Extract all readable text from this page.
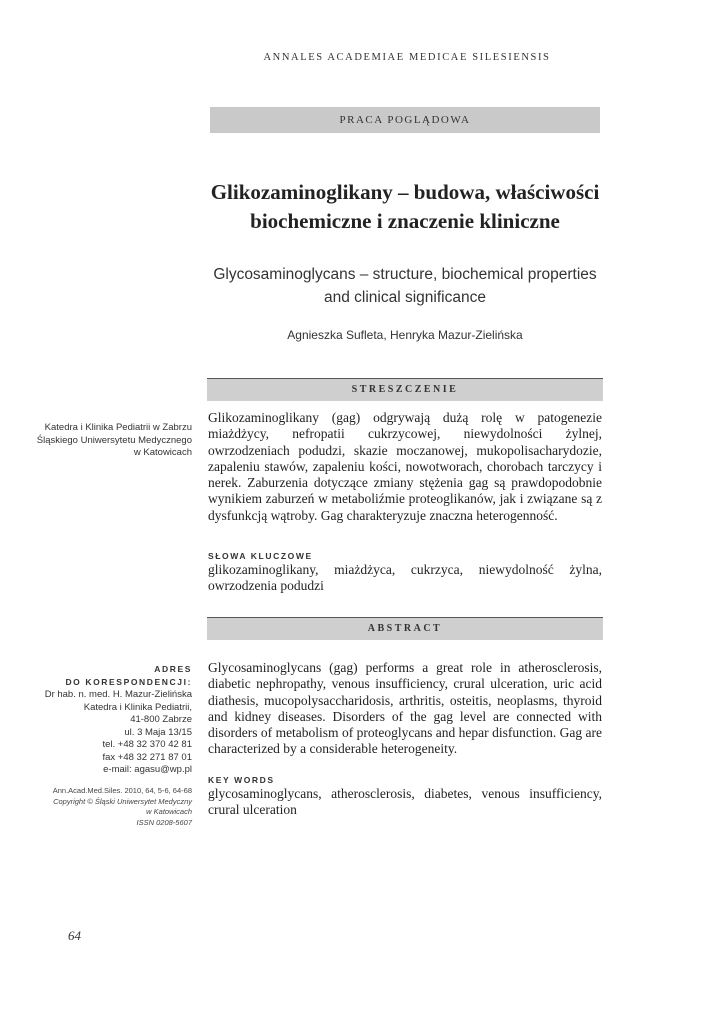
ANNALES ACADEMIAE MEDICAE SILESIENSIS
PRACA POGLĄDOWA
Glikozaminoglikany – budowa, właściwości
biochemiczne i znaczenie kliniczne
Glycosaminoglycans – structure, biochemical properties
and clinical significance
Agnieszka Sufleta, Henryka Mazur-Zielińska
STRESZCZENIE
Katedra i Klinika Pediatrii w Zabrzu
Śląskiego Uniwersytetu Medycznego
w Katowicach
Glikozaminoglikany (gag) odgrywają dużą rolę w patogenezie miażdżycy, nefropatii cukrzycowej, niewydolności żylnej, owrzodzeniach podudzi, skazie moczanowej, mukopolisacharydozie, zapaleniu stawów, zapaleniu kości, nowotworach, chorobach tarczycy i nerek. Zaburzenia dotyczące zmiany stężenia gag są prawdopodobnie wynikiem zaburzeń w metaboliźmie proteoglikanów, jak i związane są z dysfunkcją wątroby. Gag charakteryzuje znaczna heterogenność.
SŁOWA KLUCZOWE
glikozaminoglikany, miażdżyca, cukrzyca, niewydolność żylna, owrzodzenia podudzi
ABSTRACT
ADRES
DO KORESPONDENCJI:
Dr hab. n. med. H. Mazur-Zielińska
Katedra i Klinika Pediatrii,
41-800 Zabrze
ul. 3 Maja 13/15
tel. +48 32 370 42 81
fax +48 32 271 87 01
e-mail: agasu@wp.pl
Ann.Acad.Med.Siles. 2010, 64, 5-6, 64-68
Copyright © Śląski Uniwersytet Medyczny
w Katowicach
ISSN 0208-5607
Glycosaminoglycans (gag) performs a great role in atherosclerosis, diabetic nephropathy, venous insufficiency, crural ulceration, uric acid diathesis, mucopolysaccharidosis, arthritis, osteitis, neoplasms, thyroid and kidney diseases. Disorders of the gag level are connected with disorders of metabolism of proteoglycans and hepar disfunction. Gag are characterized by a considerable heterogeneity.
KEY WORDS
glycosaminoglycans, atherosclerosis, diabetes, venous insufficiency, crural ulceration
64
